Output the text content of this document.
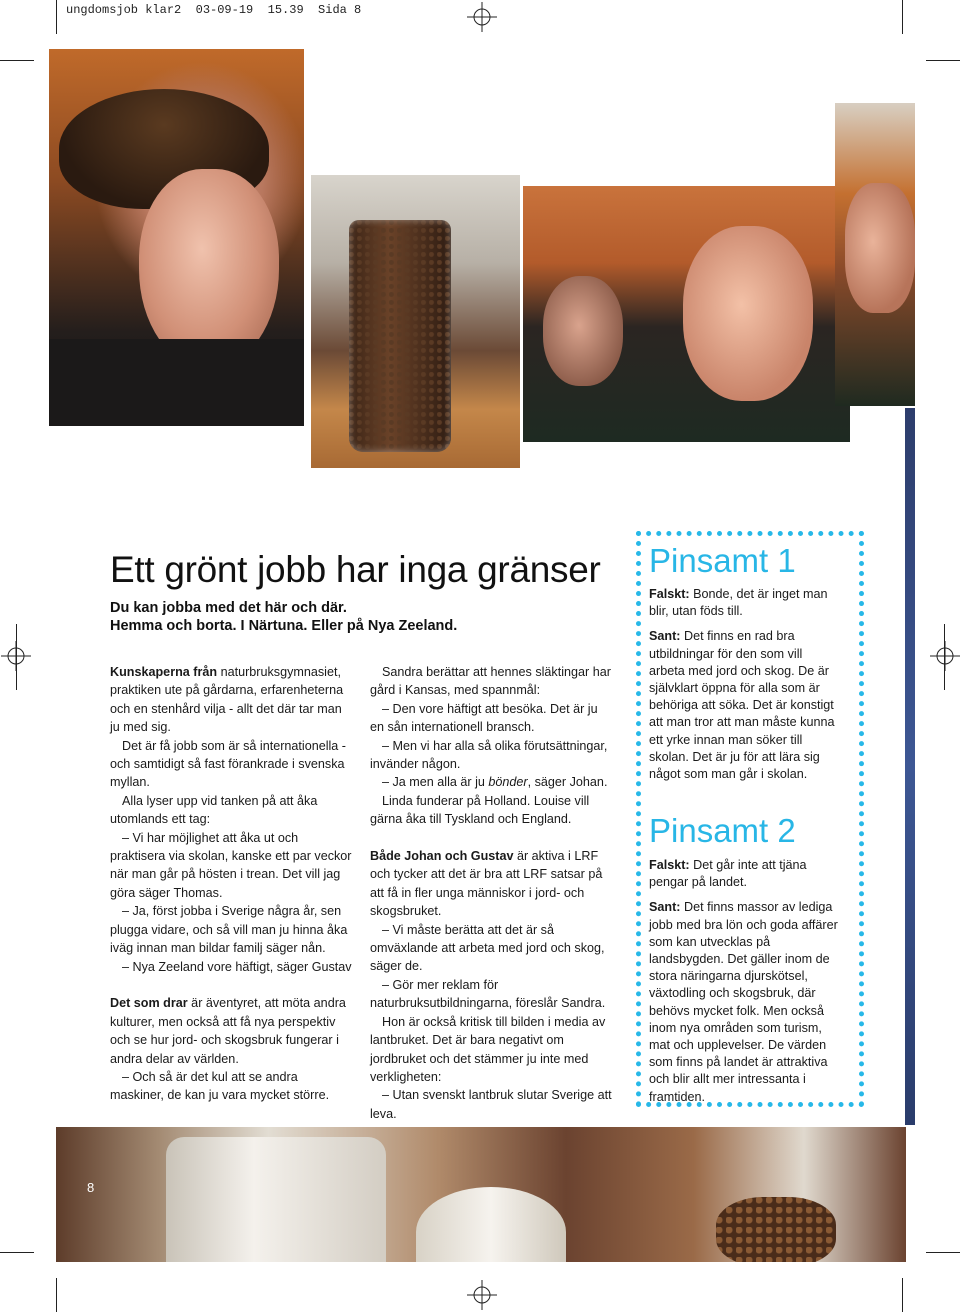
ungdomsjob klar2  03-09-19  15.39  Sida 8
8
Ett grönt jobb har inga gränser
Du kan jobba med det här och där.
Hemma och borta. I Närtuna. Eller på Nya Zeeland.

Kunskaperna från naturbruksgymnasiet, praktiken ute på gårdarna, erfarenheterna och en stenhård vilja - allt det där tar man ju med sig.

Det är få jobb som är så internationella - och samtidigt så fast förankrade i svenska myllan.

Alla lyser upp vid tanken på att åka utomlands ett tag:

– Vi har möjlighet att åka ut och praktisera via skolan, kanske ett par veckor när man går på hösten i trean. Det vill jag göra säger Thomas.

– Ja, först jobba i Sverige några år, sen plugga vidare, och så vill man ju hinna åka iväg innan man bildar familj säger nån.

– Nya Zeeland vore häftigt, säger Gustav

Det som drar är äventyret, att möta andra kulturer, men också att få nya perspektiv och se hur jord- och skogsbruk fungerar i andra delar av världen.

– Och så är det kul att se andra maskiner, de kan ju vara mycket större.

Sandra berättar att hennes släktingar har gård i Kansas, med spannmål:

– Den vore häftigt att besöka. Det är ju en sån internationell bransch.

– Men vi har alla så olika förutsättningar, invänder någon.

– Ja men alla är ju bönder, säger Johan.

Linda funderar på Holland. Louise vill gärna åka till Tyskland och England.

Både Johan och Gustav är aktiva i LRF och tycker att det är bra att LRF satsar på att få in fler unga människor i jord- och skogsbruket.

– Vi måste berätta att det är så omväxlande att arbeta med jord och skog, säger de.

– Gör mer reklam för naturbruksutbildningarna, föreslår Sandra.

Hon är också kritisk till bilden i media av lantbruket. Det är bara negativt om jordbruket och det stämmer ju inte med verkligheten:

– Utan svenskt lantbruk slutar Sverige att leva.

Pinsamt 1

Falskt: Bonde, det är inget man blir, utan föds till.

Sant: Det finns en rad bra utbildningar för den som vill arbeta med jord och skog. De är självklart öppna för alla som är behöriga att söka. Det är konstigt att man tror att man måste kunna ett yrke innan man söker till skolan. Det är ju för att lära sig något som man går i skolan.

Pinsamt 2

Falskt: Det går inte att tjäna pengar på landet.

Sant: Det finns massor av lediga jobb med bra lön och goda affärer som kan utvecklas på landsbygden. Det gäller inom de stora näringarna djurskötsel, växtodling och skogsbruk, där behövs mycket folk. Men också inom nya områden som turism, mat och upplevelser. De värden som finns på landet är attraktiva och blir allt mer intressanta i framtiden.
